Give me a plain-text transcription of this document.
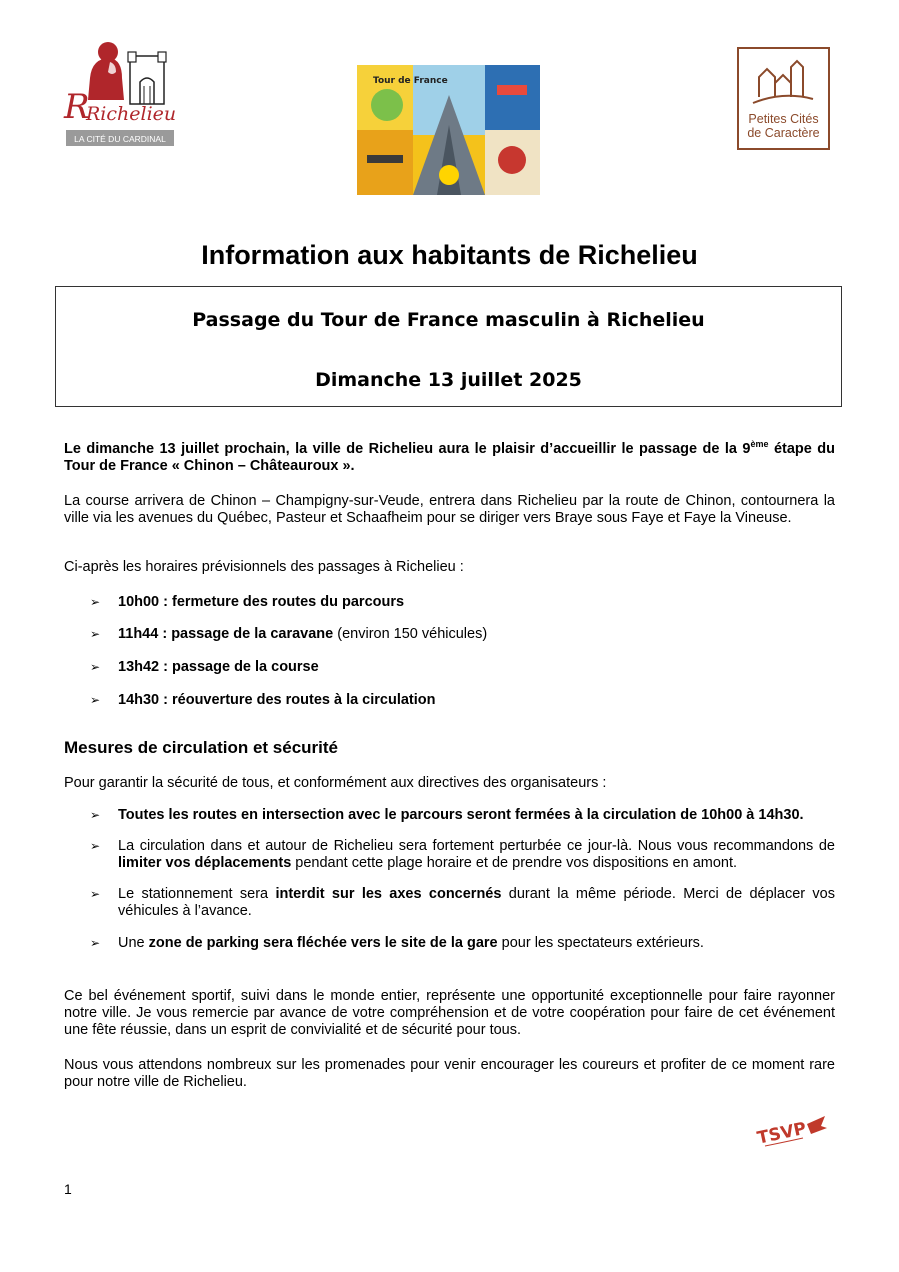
R
Richelieu
LA CITÉ DU CARDINAL
Tour de France
Petites Cités
de Caractère
Information aux habitants de Richelieu
Passage du Tour de France masculin à Richelieu
Dimanche 13 juillet 2025
Le dimanche 13 juillet prochain, la ville de Richelieu aura le plaisir d’accueillir le passage de la 9ème étape du Tour de France « Chinon – Châteauroux ».
La course arrivera de Chinon – Champigny-sur-Veude, entrera dans Richelieu par la route de Chinon, contournera la ville via les avenues du Québec, Pasteur et Schaafheim pour se diriger vers Braye sous Faye et Faye la Vineuse.
Ci-après les horaires prévisionnels des passages à Richelieu :
➢ 10h00 : fermeture des routes du parcours
➢ 11h44 : passage de la caravane (environ 150 véhicules)
➢ 13h42 : passage de la course
➢ 14h30 : réouverture des routes à la circulation
Mesures de circulation et sécurité
Pour garantir la sécurité de tous, et conformément aux directives des organisateurs :
➢ Toutes les routes en intersection avec le parcours seront fermées à la circulation de 10h00 à 14h30.
➢ La circulation dans et autour de Richelieu sera fortement perturbée ce jour-là. Nous vous recommandons de limiter vos déplacements pendant cette plage horaire et de prendre vos dispositions en amont.
➢ Le stationnement sera interdit sur les axes concernés durant la même période. Merci de déplacer vos véhicules à l’avance.
➢ Une zone de parking sera fléchée vers le site de la gare pour les spectateurs extérieurs.
Ce bel événement sportif, suivi dans le monde entier, représente une opportunité exceptionnelle pour faire rayonner notre ville. Je vous remercie par avance de votre compréhension et de votre coopération pour faire de cet événement une fête réussie, dans un esprit de convivialité et de sécurité pour tous.
Nous vous attendons nombreux sur les promenades pour venir encourager les coureurs et profiter de ce moment rare pour notre ville de Richelieu.
TSVP
1
